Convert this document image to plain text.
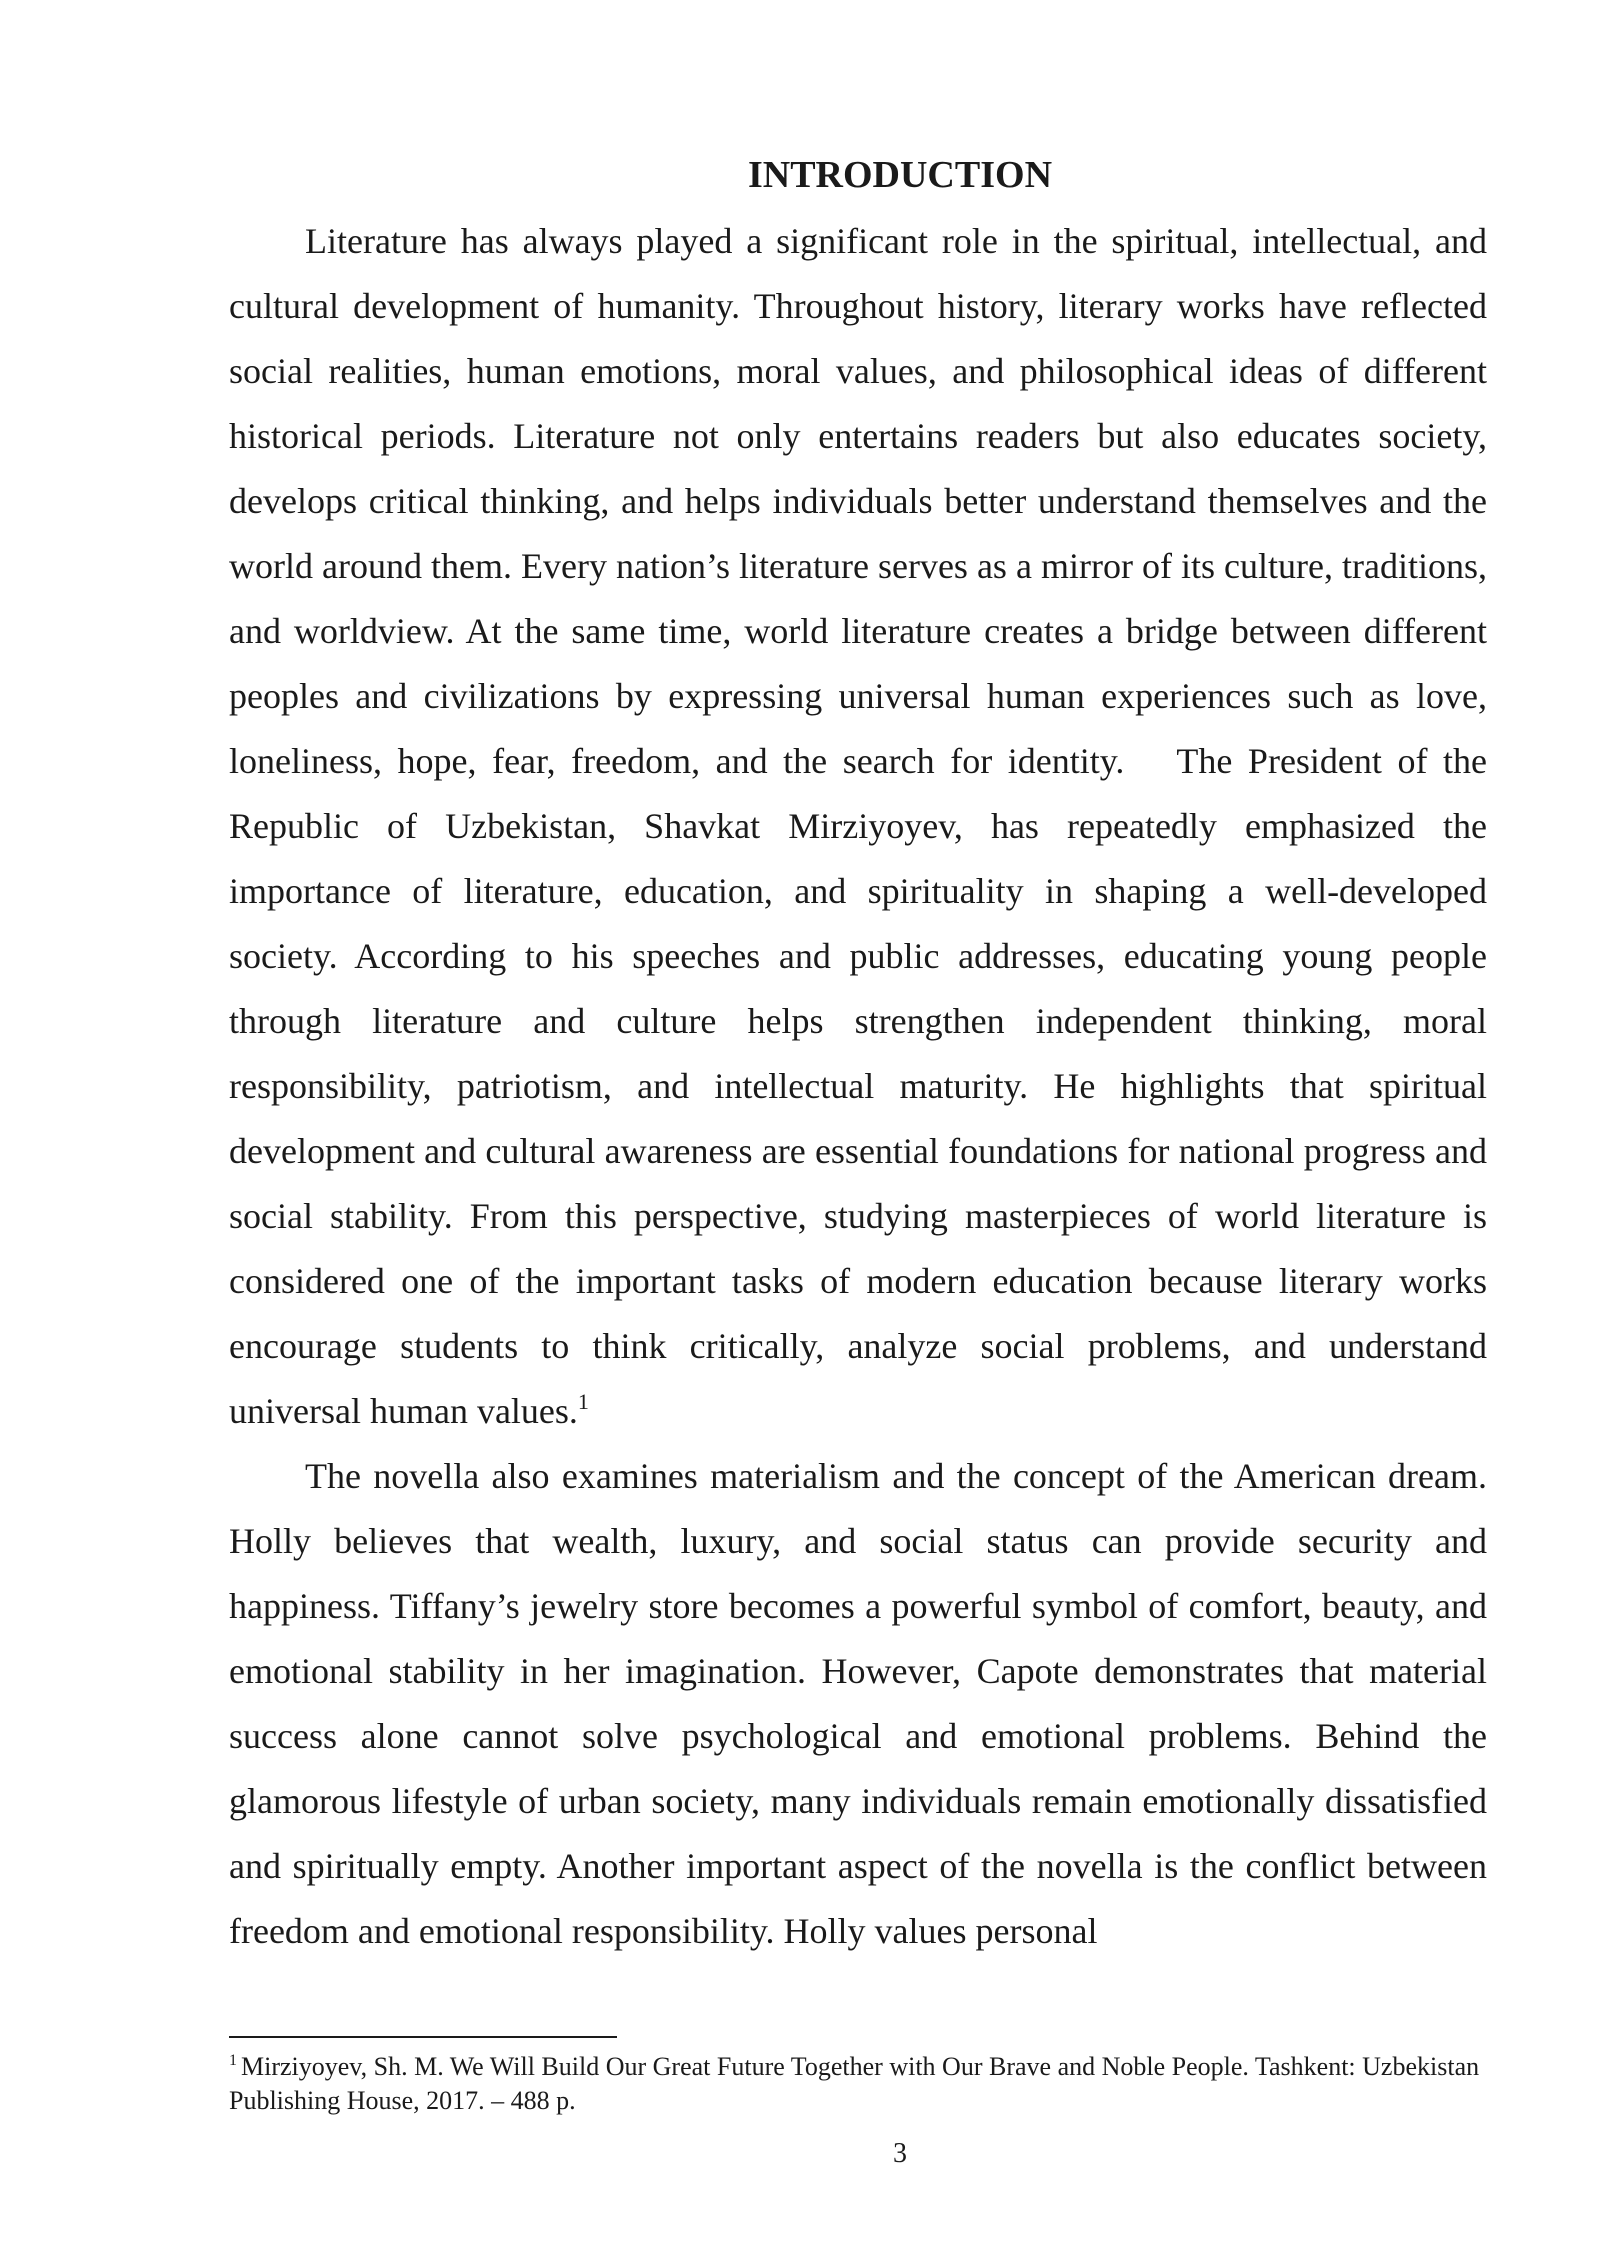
INTRODUCTION

Literature has always played a significant role in the spiritual, intellectual, and cultural development of humanity. Throughout history, literary works have reflected social realities, human emotions, moral values, and philosophical ideas of different historical periods. Literature not only entertains readers but also educates society, develops critical thinking, and helps individuals better understand themselves and the world around them. Every nation’s literature serves as a mirror of its culture, traditions, and worldview. At the same time, world literature creates a bridge between different peoples and civilizations by expressing universal human experiences such as love, loneliness, hope, fear, freedom, and the search for identity. The President of the Republic of Uzbekistan, Shavkat Mirziyoyev, has repeatedly emphasized the importance of literature, education, and spirituality in shaping a well-developed society. According to his speeches and public addresses, educating young people through literature and culture helps strengthen independent thinking, moral responsibility, patriotism, and intellectual maturity. He highlights that spiritual development and cultural awareness are essential foundations for national progress and social stability. From this perspective, studying masterpieces of world literature is considered one of the important tasks of modern education because literary works encourage students to think critically, analyze social problems, and understand universal human values.$^1$

The novella also examines materialism and the concept of the American dream. Holly believes that wealth, luxury, and social status can provide security and happiness. Tiffany’s jewelry store becomes a powerful symbol of comfort, beauty, and emotional stability in her imagination. However, Capote demonstrates that material success alone cannot solve psychological and emotional problems. Behind the glamorous lifestyle of urban society, many individuals remain emotionally dissatisfied and spiritually empty. Another important aspect of the novella is the conflict between freedom and emotional responsibility. Holly values personal

$^1$ Mirziyoyev, Sh. M. We Will Build Our Great Future Together with Our Brave and Noble People. Tashkent: Uzbekistan Publishing House, 2017. – 488 p.

3
